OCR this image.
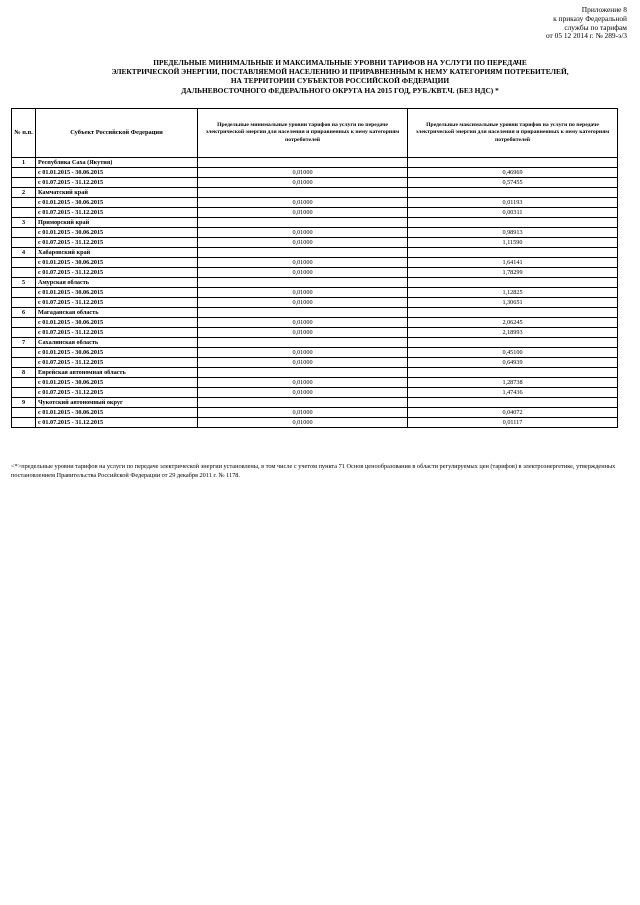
Приложение 8
к приказу Федеральной
службы по тарифам
от 05 12 2014 г. № 289-э/3
ПРЕДЕЛЬНЫЕ МИНИМАЛЬНЫЕ И МАКСИМАЛЬНЫЕ УРОВНИ ТАРИФОВ НА УСЛУГИ ПО ПЕРЕДАЧЕ
ЭЛЕКТРИЧЕСКОЙ ЭНЕРГИИ, ПОСТАВЛЯЕМОЙ НАСЕЛЕНИЮ И ПРИРАВНЕННЫМ К НЕМУ КАТЕГОРИЯМ ПОТРЕБИТЕЛЕЙ,
НА ТЕРРИТОРИИ СУБЪЕКТОВ РОССИЙСКОЙ ФЕДЕРАЦИИ
ДАЛЬНЕВОСТОЧНОГО ФЕДЕРАЛЬНОГО ОКРУГА НА 2015 ГОД, РУБ./КВТ.Ч. (БЕЗ НДС) *
№ п.п.	Субъект Российской Федерации	Предельные минимальные уровни тарифов на услуги по передаче электрической энергии для населения и приравненных к нему категориям потребителей	Предельные максимальные уровни тарифов на услуги по передаче электрической энергии для населения и приравненных к нему категориям потребителей
1	Республика Саха (Якутия)		
	с 01.01.2015 - 30.06.2015	0,01000	0,46969
	с 01.07.2015 - 31.12.2015	0,01000	0,57455
2	Камчатский край		
	с 01.01.2015 - 30.06.2015	0,01000	0,01193
	с 01.07.2015 - 31.12.2015	0,01000	0,00311
3	Приморский край		
	с 01.01.2015 - 30.06.2015	0,01000	0,98913
	с 01.07.2015 - 31.12.2015	0,01000	1,11590
4	Хабаровский край		
	с 01.01.2015 - 30.06.2015	0,01000	1,64141
	с 01.07.2015 - 31.12.2015	0,01000	1,78299
5	Амурская область		
	с 01.01.2015 - 30.06.2015	0,01000	1,12825
	с 01.07.2015 - 31.12.2015	0,01000	1,30651
6	Магаданская область		
	с 01.01.2015 - 30.06.2015	0,01000	2,06245
	с 01.07.2015 - 31.12.2015	0,01000	2,18993
7	Сахалинская область		
	с 01.01.2015 - 30.06.2015	0,01000	0,45100
	с 01.07.2015 - 31.12.2015	0,01000	0,64939
8	Еврейская автономная область		
	с 01.01.2015 - 30.06.2015	0,01000	1,28738
	с 01.07.2015 - 31.12.2015	0,01000	1,47436
9	Чукотский автономный округ		
	с 01.01.2015 - 30.06.2015	0,01000	0,04072
	с 01.07.2015 - 31.12.2015	0,01000	0,01117
<*>предельные уровни тарифов на услуги по передаче электрической энергии установлены, в том числе с учетом пункта 71 Основ ценообразования в области регулируемых цен (тарифов) в электроэнергетике, утвержденных постановлением Правительства Российской Федерации от 29 декабря 2011 г. № 1178.
